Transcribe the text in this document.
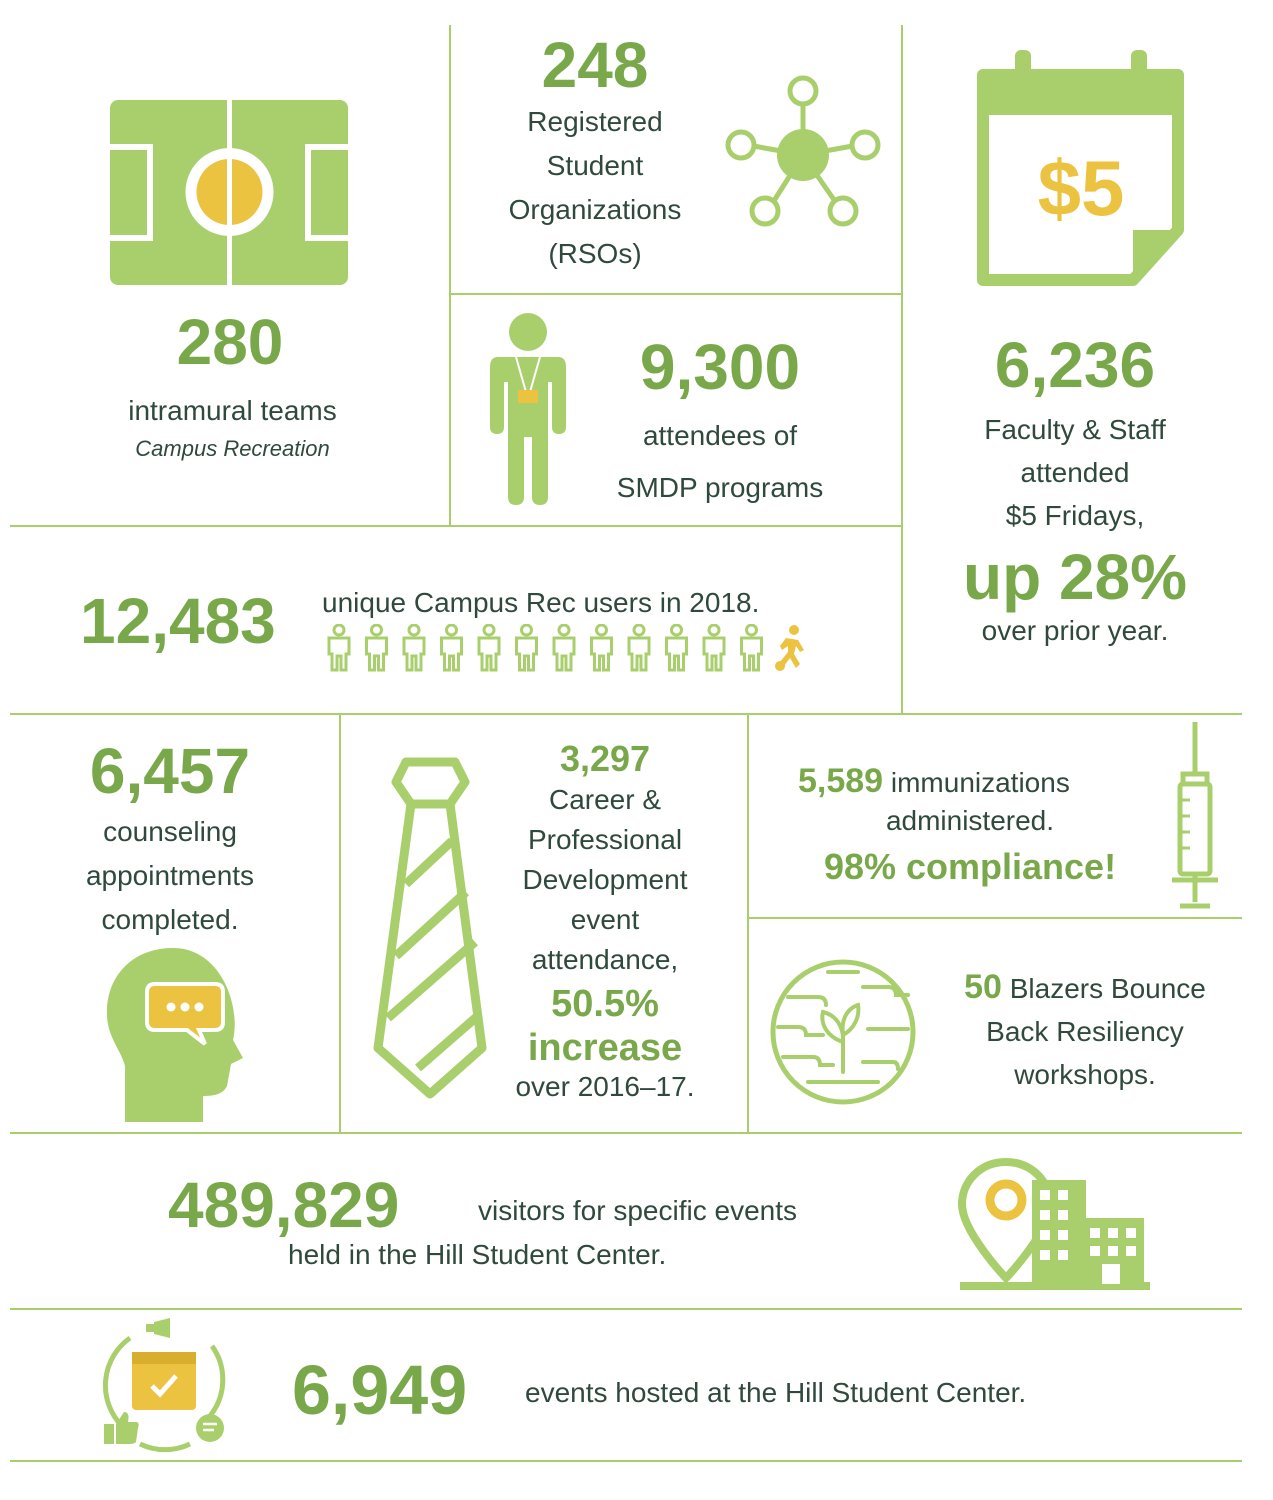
280
intramural teams
Campus Recreation
248
Registered
Student
Organizations
(RSOs)
$5
6,236
Faculty & Staff
attended
$5 Fridays,
up 28%
over prior year.
9,300
attendees of
SMDP programs
12,483 unique Campus Rec users in 2018.
6,457
counseling
appointments
completed.
3,297
Career &
Professional
Development
event
attendance,
50.5%
increase
over 2016–17.
5,589 immunizations
administered.
98% compliance!
50 Blazers Bounce
Back Resiliency
workshops.
489,829	visitors for specific events
held in the Hill Student Center.
6,949 events hosted at the Hill Student Center.
